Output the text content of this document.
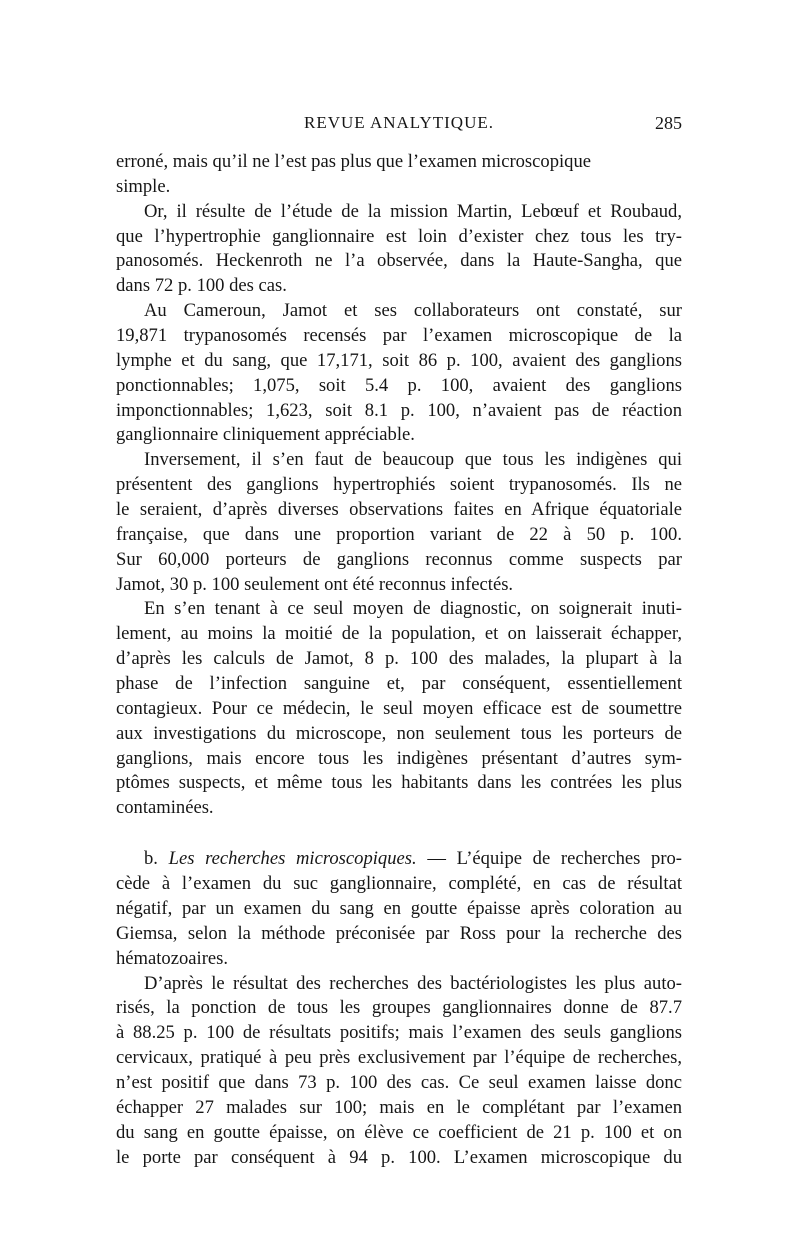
REVUE ANALYTIQUE.	285
erroné, mais qu’il ne l’est pas plus que l’examen microscopique
simple.
Or, il résulte de l’étude de la mission Martin, Lebœuf et Roubaud,
que l’hypertrophie ganglionnaire est loin d’exister chez tous les try-
panosomés. Heckenroth ne l’a observée, dans la Haute-Sangha, que
dans 72 p. 100 des cas.
Au Cameroun, Jamot et ses collaborateurs ont constaté, sur
19,871 trypanosomés recensés par l’examen microscopique de la
lymphe et du sang, que 17,171, soit 86 p. 100, avaient des ganglions
ponctionnables; 1,075, soit 5.4 p. 100, avaient des ganglions
imponctionnables; 1,623, soit 8.1 p. 100, n’avaient pas de réaction
ganglionnaire cliniquement appréciable.
Inversement, il s’en faut de beaucoup que tous les indigènes qui
présentent des ganglions hypertrophiés soient trypanosomés. Ils ne
le seraient, d’après diverses observations faites en Afrique équatoriale
française, que dans une proportion variant de 22 à 50 p. 100.
Sur 60,000 porteurs de ganglions reconnus comme suspects par
Jamot, 30 p. 100 seulement ont été reconnus infectés.
En s’en tenant à ce seul moyen de diagnostic, on soignerait inuti-
lement, au moins la moitié de la population, et on laisserait échapper,
d’après les calculs de Jamot, 8 p. 100 des malades, la plupart à la
phase de l’infection sanguine et, par conséquent, essentiellement
contagieux. Pour ce médecin, le seul moyen efficace est de soumettre
aux investigations du microscope, non seulement tous les porteurs de
ganglions, mais encore tous les indigènes présentant d’autres sym-
ptômes suspects, et même tous les habitants dans les contrées les plus
contaminées.
b. Les recherches microscopiques. — L’équipe de recherches pro-
cède à l’examen du suc ganglionnaire, complété, en cas de résultat
négatif, par un examen du sang en goutte épaisse après coloration au
Giemsa, selon la méthode préconisée par Ross pour la recherche des
hématozoaires.
D’après le résultat des recherches des bactériologistes les plus auto-
risés, la ponction de tous les groupes ganglionnaires donne de 87.7
à 88.25 p. 100 de résultats positifs; mais l’examen des seuls ganglions
cervicaux, pratiqué à peu près exclusivement par l’équipe de recherches,
n’est positif que dans 73 p. 100 des cas. Ce seul examen laisse donc
échapper 27 malades sur 100; mais en le complétant par l’examen
du sang en goutte épaisse, on élève ce coefficient de 21 p. 100 et on
le porte par conséquent à 94 p. 100. L’examen microscopique du
